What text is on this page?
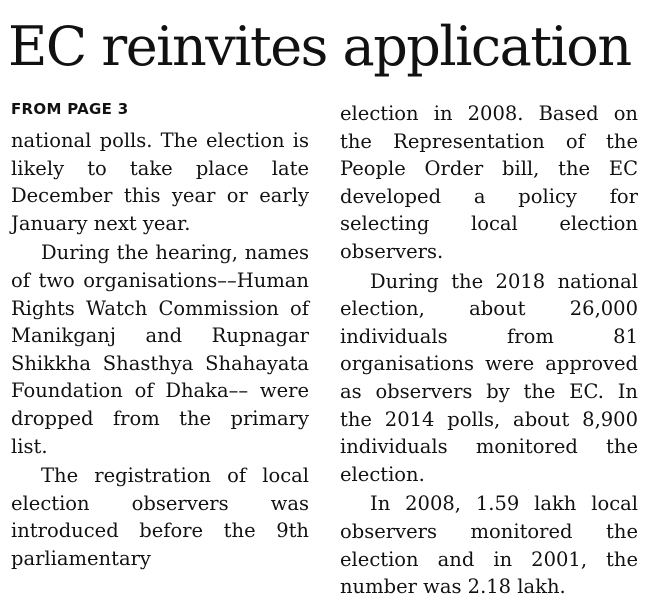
EC reinvites application
FROM PAGE 3

national polls. The election is likely to take place late December this year or early January next year.

During the hearing, names of two organisations––Human Rights Watch Commission of Manikganj and Rupnagar Shikkha Shasthya Shahayata Foundation of Dhaka–– were dropped from the primary list.

The registration of local election observers was introduced before the 9th parliamentary

election in 2008. Based on the Representation of the People Order bill, the EC developed a policy for selecting local election observers.

During the 2018 national election, about 26,000 individuals from 81 organisations were approved as observers by the EC. In the 2014 polls, about 8,900 individuals monitored the election.

In 2008, 1.59 lakh local observers monitored the election and in 2001, the number was 2.18 lakh.
